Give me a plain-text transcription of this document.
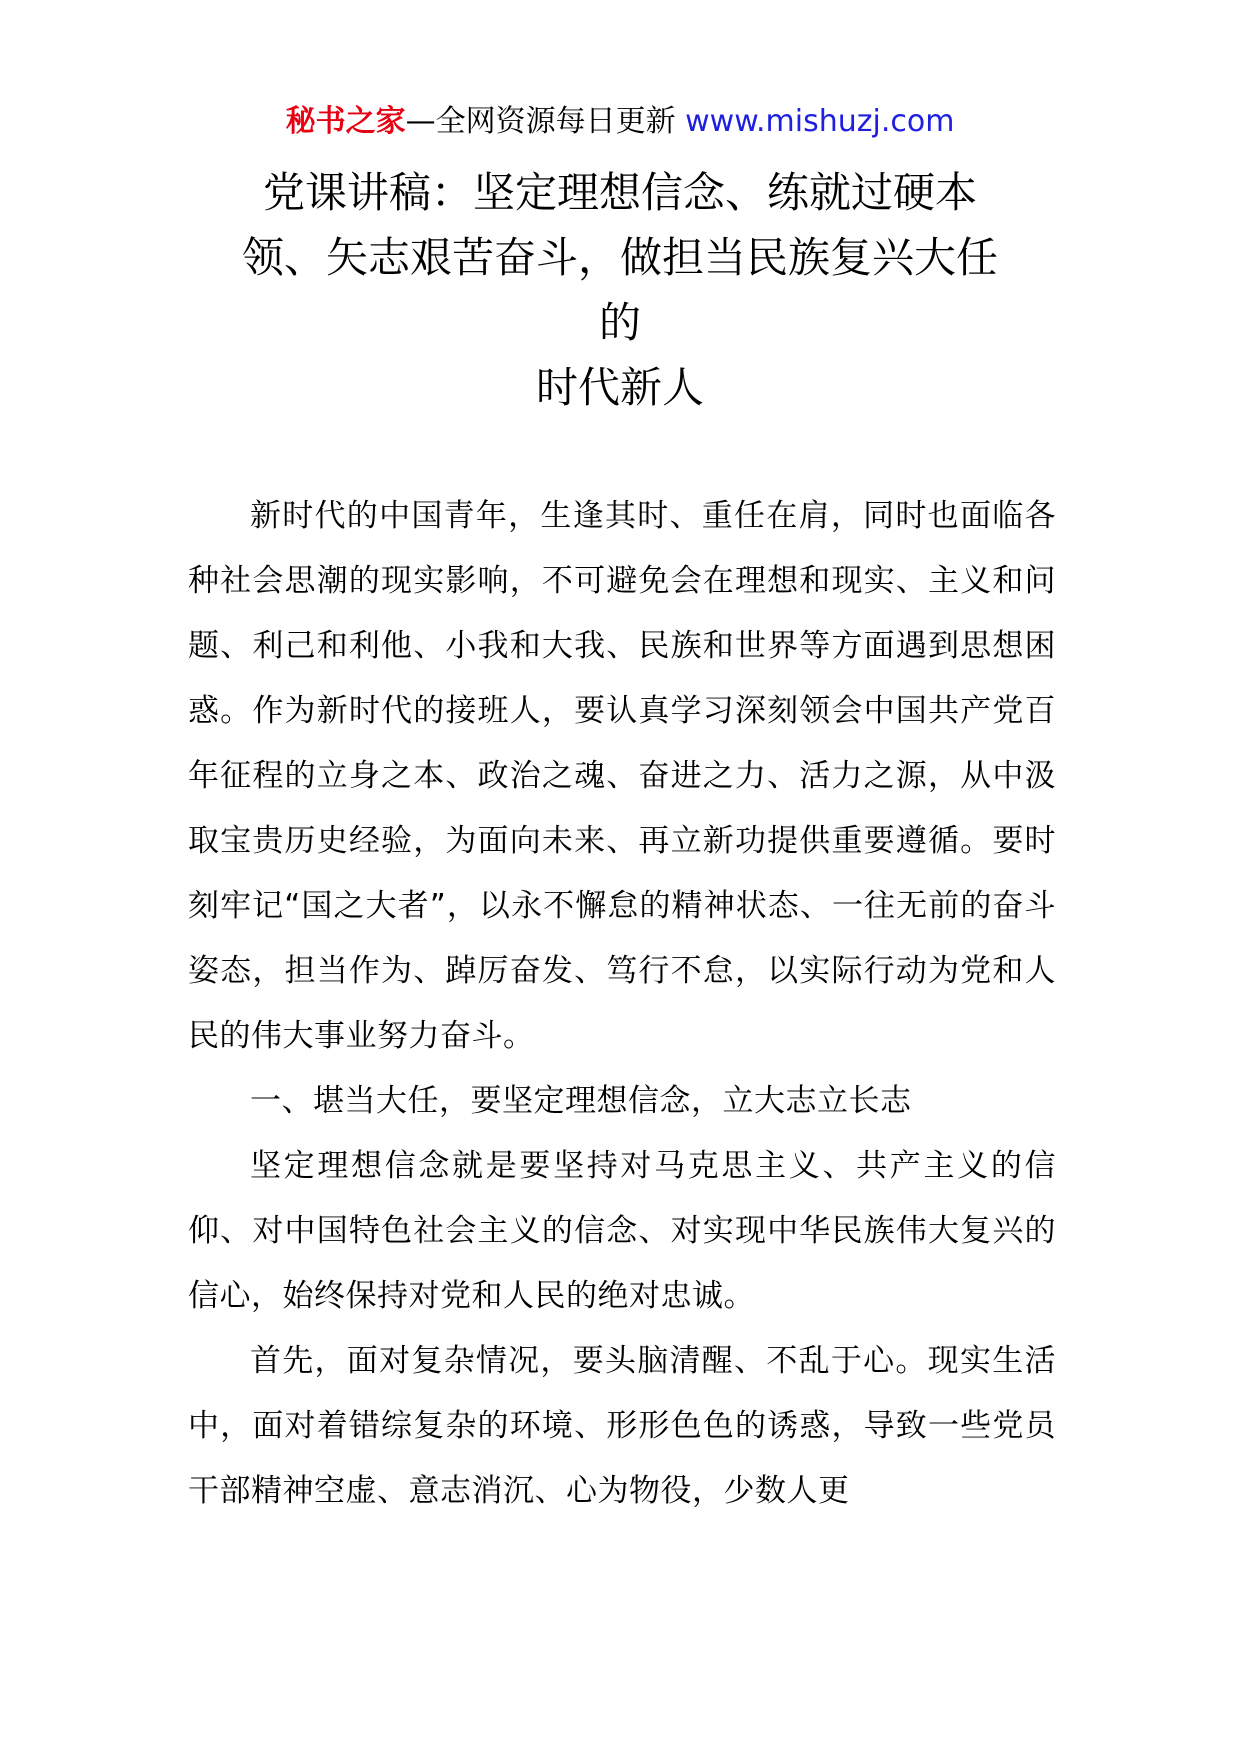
秘书之家—全网资源每日更新 www.mishuzj.com
党课讲稿：坚定理想信念、练就过硬本
领、矢志艰苦奋斗，做担当民族复兴大任
的
时代新人

新时代的中国青年，生逢其时、重任在肩，同时也面临各种社会思潮的现实影响，不可避免会在理想和现实、主义和问题、利己和利他、小我和大我、民族和世界等方面遇到思想困惑。作为新时代的接班人，要认真学习深刻领会中国共产党百年征程的立身之本、政治之魂、奋进之力、活力之源，从中汲取宝贵历史经验，为面向未来、再立新功提供重要遵循。要时刻牢记“国之大者”，以永不懈怠的精神状态、一往无前的奋斗姿态，担当作为、踔厉奋发、笃行不怠，以实际行动为党和人民的伟大事业努力奋斗。

一、堪当大任，要坚定理想信念，立大志立长志

坚定理想信念就是要坚持对马克思主义、共产主义的信仰、对中国特色社会主义的信念、对实现中华民族伟大复兴的信心，始终保持对党和人民的绝对忠诚。

首先，面对复杂情况，要头脑清醒、不乱于心。现实生活中，面对着错综复杂的环境、形形色色的诱惑，导致一些党员干部精神空虚、意志消沉、心为物役，少数人更
